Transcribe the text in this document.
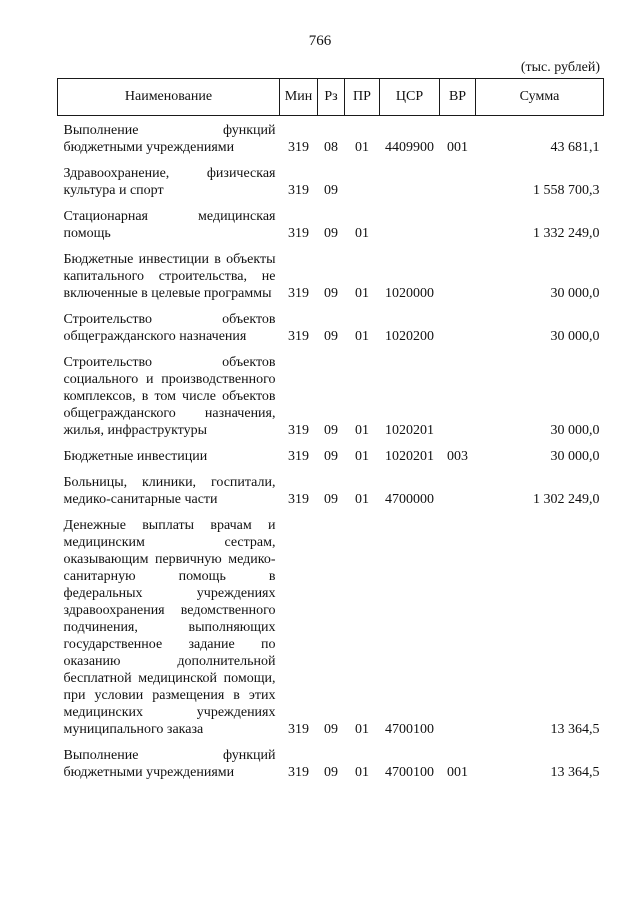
766
(тыс. рублей)
Наименование	Мин	Рз	ПР	ЦСР	ВР	Сумма
Выполнение функций бюджетными учреждениями	319	08	01	4409900	001	43 681,1
Здравоохранение, физическая культура и спорт	319	09				1 558 700,3
Стационарная медицинская помощь	319	09	01			1 332 249,0
Бюджетные инвестиции в объекты капитального строительства, не включенные в целевые программы	319	09	01	1020000		30 000,0
Строительство объектов общегражданского назначения	319	09	01	1020200		30 000,0
Строительство объектов социального и производственного комплексов, в том числе объектов общегражданского назначения, жилья, инфраструктуры	319	09	01	1020201		30 000,0
Бюджетные инвестиции	319	09	01	1020201	003	30 000,0
Больницы, клиники, госпитали, медико-санитарные части	319	09	01	4700000		1 302 249,0
Денежные выплаты врачам и медицинским сестрам, оказывающим первичную медико-санитарную помощь в федеральных учреждениях здравоохранения ведомственного подчинения, выполняющих государственное задание по оказанию дополнительной бесплатной медицинской помощи, при условии размещения в этих медицинских учреждениях муниципального заказа	319	09	01	4700100		13 364,5
Выполнение функций бюджетными учреждениями	319	09	01	4700100	001	13 364,5
